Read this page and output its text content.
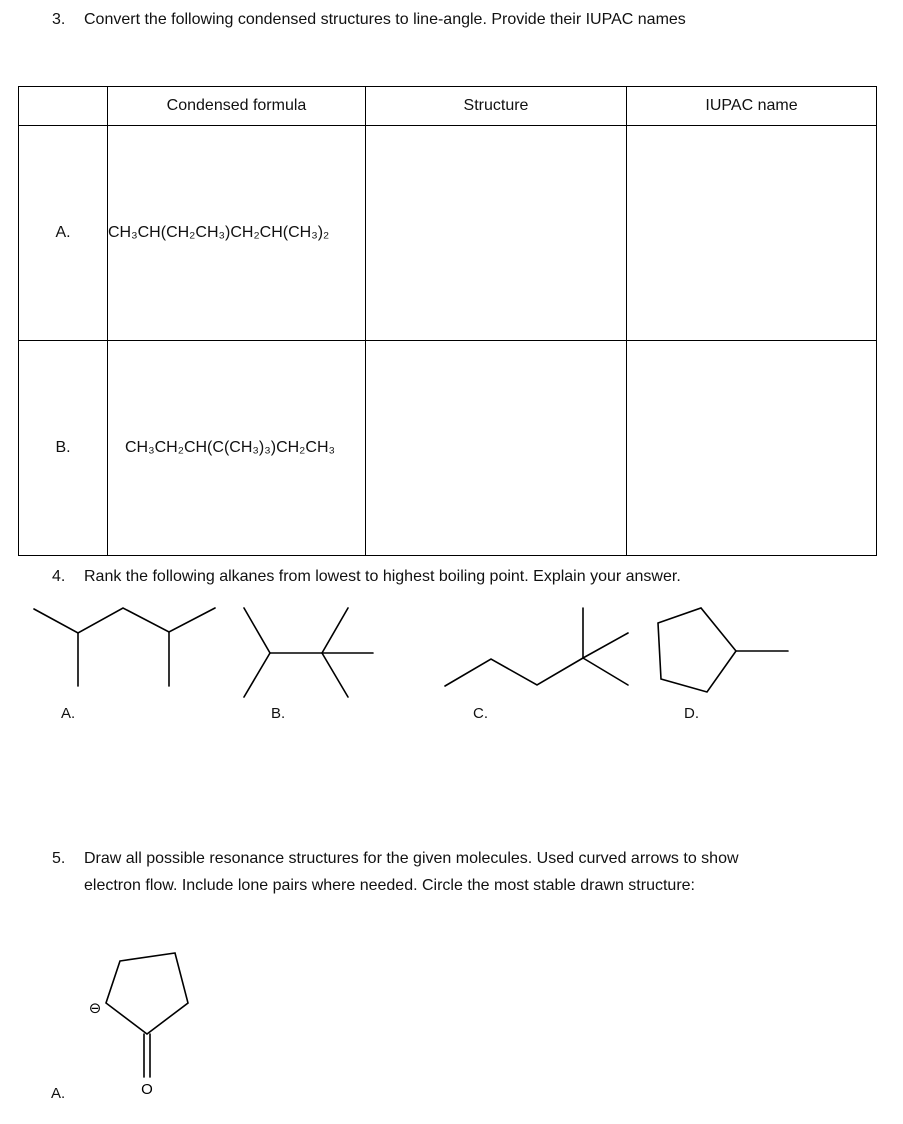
3. Convert the following condensed structures to line-angle. Provide their IUPAC names
	Condensed formula	Structure	IUPAC name
A.	CH₃CH(CH₂CH₃)CH₂CH(CH₃)₂		
B.	CH₃CH₂CH(C(CH₃)₃)CH₂CH₃		
4. Rank the following alkanes from lowest to highest boiling point. Explain your answer.
A.	B.	C.	D.
5. Draw all possible resonance structures for the given molecules. Used curved arrows to show
electron flow. Include lone pairs where needed. Circle the most stable drawn structure:
⊖
O
A.
